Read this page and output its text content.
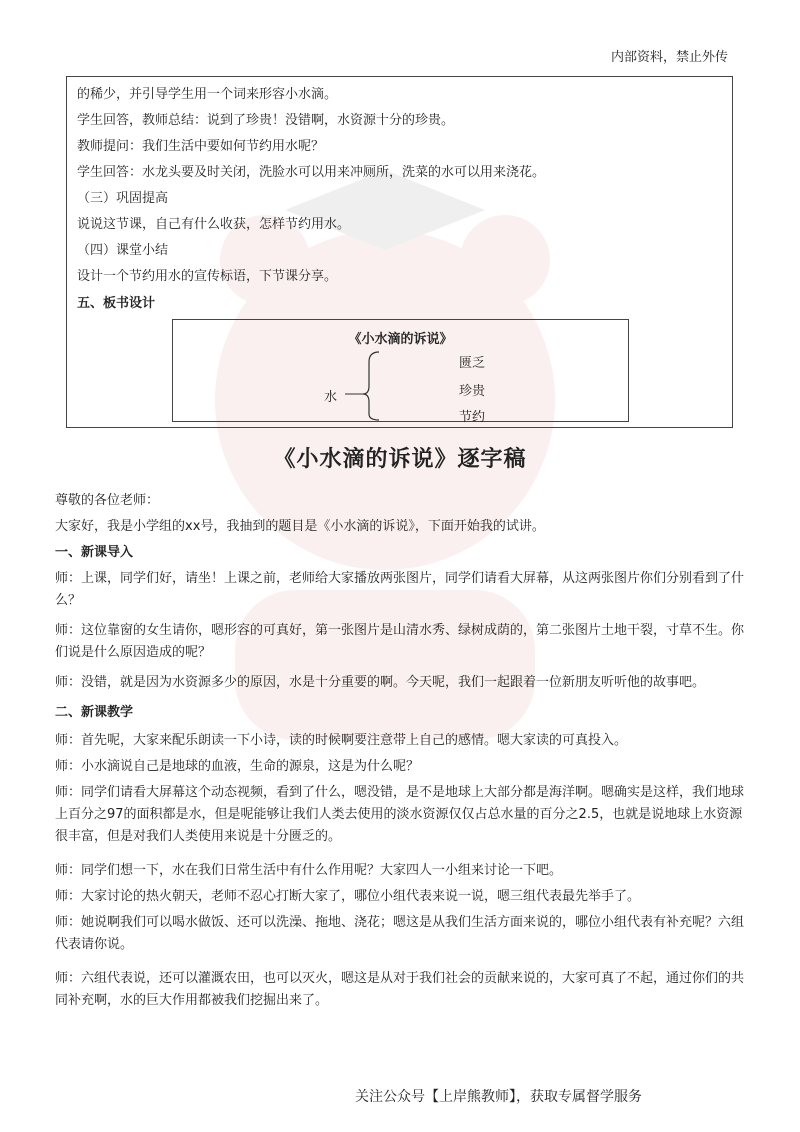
内部资料，禁止外传
的稀少，并引导学生用一个词来形容小水滴。
学生回答，教师总结：说到了珍贵！没错啊，水资源十分的珍贵。
教师提问：我们生活中要如何节约用水呢？
学生回答：水龙头要及时关闭，洗脸水可以用来冲厕所，洗菜的水可以用来浇花。
（三）巩固提高
说说这节课，自己有什么收获，怎样节约用水。
（四）课堂小结
设计一个节约用水的宣传标语，下节课分享。
五、板书设计
《小水滴的诉说》
水
匮乏
珍贵
节约
《小水滴的诉说》逐字稿
尊敬的各位老师：
大家好，我是小学组的xx号，我抽到的题目是《小水滴的诉说》，下面开始我的试讲。
一、新课导入
师：上课，同学们好，请坐！上课之前，老师给大家播放两张图片，同学们请看大屏幕，从这两张图片你们分别看到了什么？
师：这位靠窗的女生请你，嗯形容的可真好，第一张图片是山清水秀、绿树成荫的，第二张图片土地干裂，寸草不生。你们说是什么原因造成的呢？
师：没错，就是因为水资源多少的原因，水是十分重要的啊。今天呢，我们一起跟着一位新朋友听听他的故事吧。
二、新课教学
师：首先呢，大家来配乐朗读一下小诗，读的时候啊要注意带上自己的感情。嗯大家读的可真投入。
师：小水滴说自己是地球的血液，生命的源泉，这是为什么呢？
师：同学们请看大屏幕这个动态视频，看到了什么，嗯没错，是不是地球上大部分都是海洋啊。嗯确实是这样，我们地球上百分之97的面积都是水，但是呢能够让我们人类去使用的淡水资源仅仅占总水量的百分之2.5，也就是说地球上水资源很丰富，但是对我们人类使用来说是十分匮乏的。
师：同学们想一下，水在我们日常生活中有什么作用呢？大家四人一小组来讨论一下吧。
师：大家讨论的热火朝天，老师不忍心打断大家了，哪位小组代表来说一说，嗯三组代表最先举手了。
师：她说啊我们可以喝水做饭、还可以洗澡、拖地、浇花；嗯这是从我们生活方面来说的，哪位小组代表有补充呢？六组代表请你说。
师：六组代表说，还可以灌溉农田，也可以灭火，嗯这是从对于我们社会的贡献来说的，大家可真了不起，通过你们的共同补充啊，水的巨大作用都被我们挖掘出来了。
关注公众号【上岸熊教师】，获取专属督学服务
